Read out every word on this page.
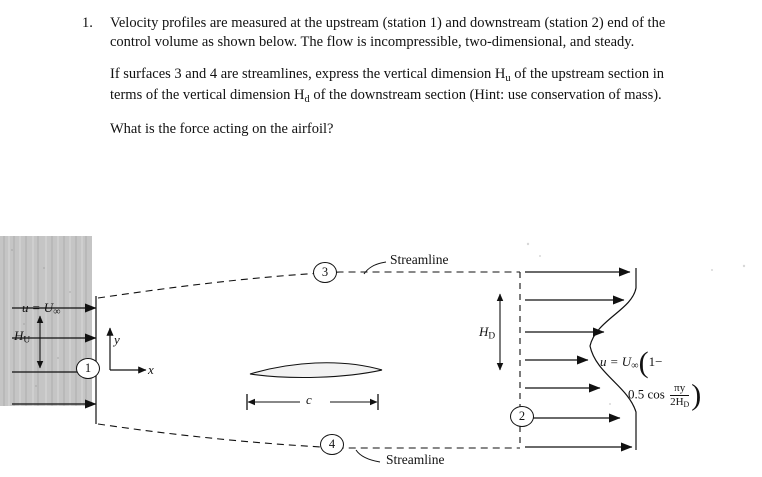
1. Velocity profiles are measured at the upstream (station 1) and downstream (station 2) end of the control volume as shown below. The flow is incompressible, two-dimensional, and steady.
If surfaces 3 and 4 are streamlines, express the vertical dimension $H_u$ of the upstream section in terms of the vertical dimension $H_d$ of the downstream section (Hint: use conservation of mass).
What is the force acting on the airfoil?
$u = U_\infty$
$H_U$	y
x
c
$H_D$
Streamline
Streamline
1
2
3
4
$u = U_\infty(1-$
0.5 $\cos \frac{\pi y}{2H_D}$ )
